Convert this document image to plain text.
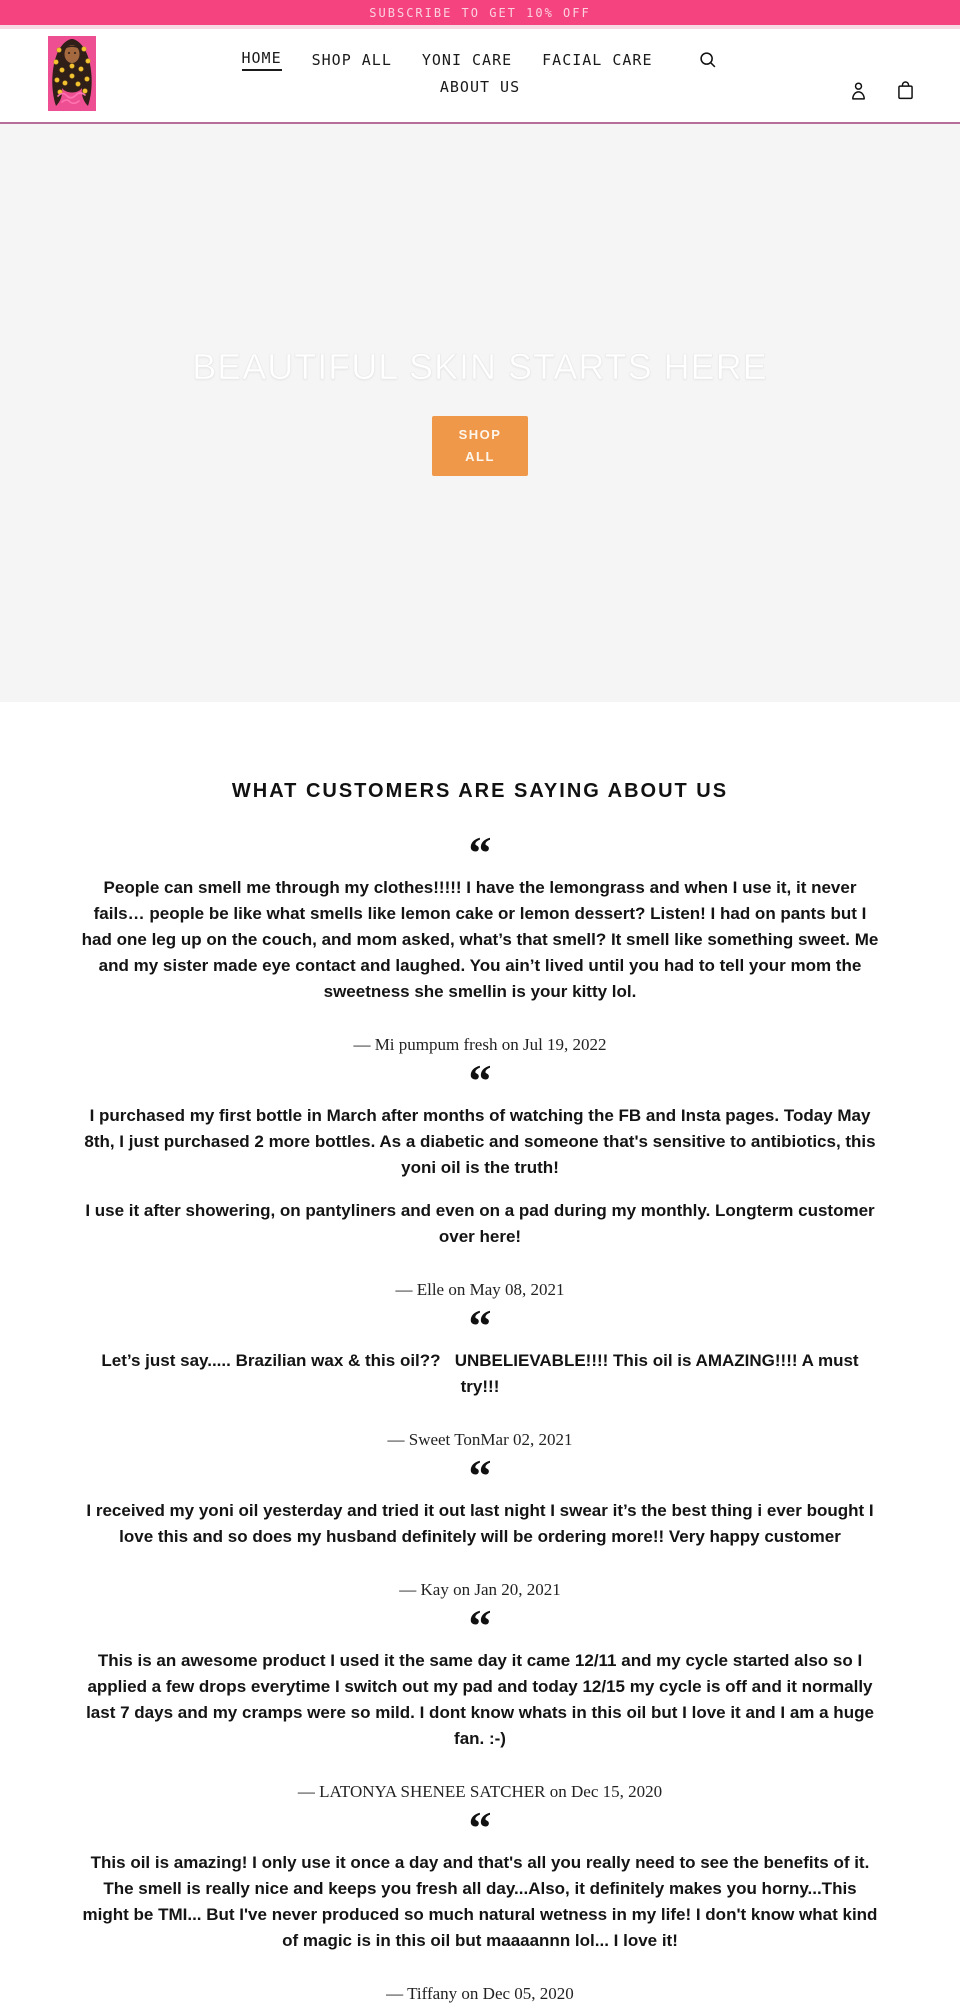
SUBSCRIBE TO GET 10% OFF
HOME SHOP ALL YONI CARE FACIAL CARE
ABOUT US
BEAUTIFUL SKIN STARTS HERE
SHOP ALL
WHAT CUSTOMERS ARE SAYING ABOUT US
“

People can smell me through my clothes!!!!! I have the lemongrass and when I use it, it never fails… people be like what smells like lemon cake or lemon dessert? Listen! I had on pants but I had one leg up on the couch, and mom asked, what’s that smell? It smell like something sweet. Me and my sister made eye contact and laughed. You ain’t lived until you had to tell your mom the sweetness she smellin is your kitty lol.

— Mi pumpum fresh on Jul 19, 2022
“

I purchased my first bottle in March after months of watching the FB and Insta pages. Today May 8th, I just purchased 2 more bottles. As a diabetic and someone that's sensitive to antibiotics, this yoni oil is the truth!

I use it after showering, on pantyliners and even on a pad during my monthly. Longterm customer over here!

— Elle on May 08, 2021
“

Let’s just say..... Brazilian wax & this oil??   UNBELIEVABLE!!!! This oil is AMAZING!!!! A must try!!!

— Sweet TonMar 02, 2021
“

I received my yoni oil yesterday and tried it out last night I swear it’s the best thing i ever bought I love this and so does my husband definitely will be ordering more!! Very happy customer

— Kay on Jan 20, 2021
“

This is an awesome product I used it the same day it came 12/11 and my cycle started also so I applied a few drops everytime I switch out my pad and today 12/15 my cycle is off and it normally last 7 days and my cramps were so mild. I dont know whats in this oil but I love it and I am a huge fan. :-)

— LATONYA SHENEE SATCHER on Dec 15, 2020
“

This oil is amazing! I only use it once a day and that's all you really need to see the benefits of it. The smell is really nice and keeps you fresh all day...Also, it definitely makes you horny...This might be TMI... But I've never produced so much natural wetness in my life! I don't know what kind of magic is in this oil but maaaannn lol... I love it!

— Tiffany on Dec 05, 2020
